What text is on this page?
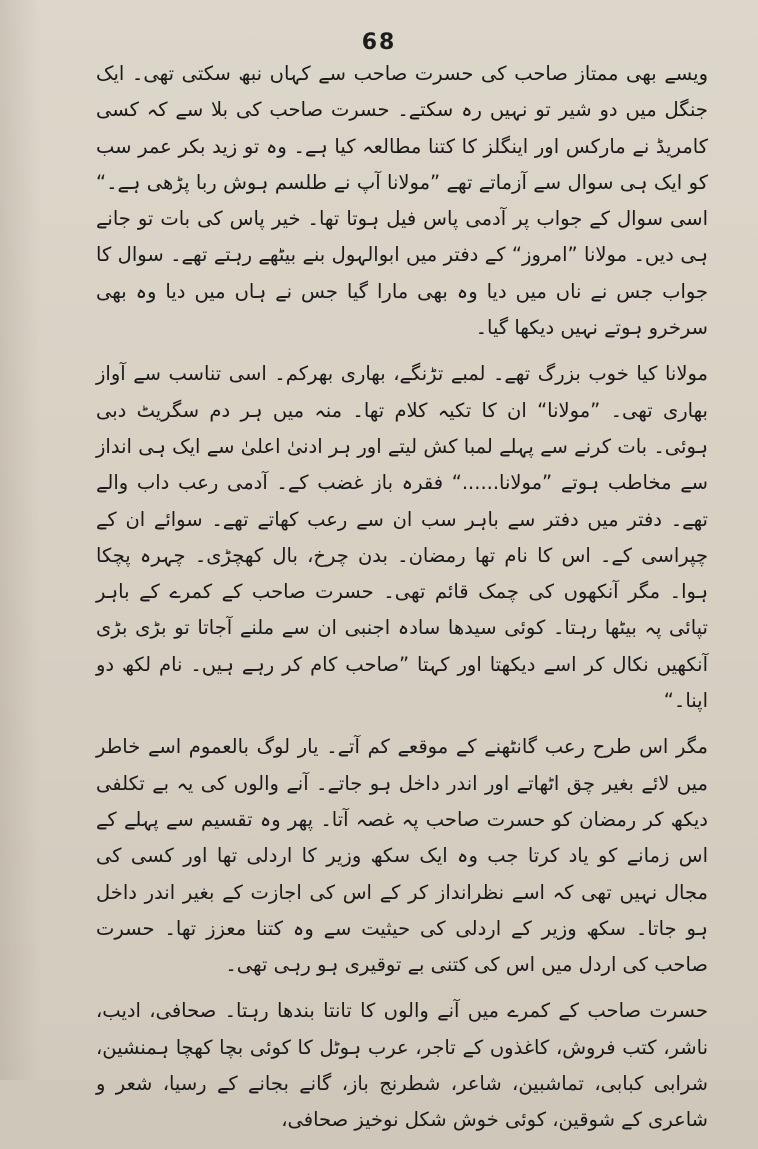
68

ویسے بھی ممتاز صاحب کی حسرت صاحب سے کہاں نبھ سکتی تھی۔ ایک جنگل میں دو شیر تو نہیں رہ سکتے۔ حسرت صاحب کی بلا سے کہ کسی کامریڈ نے مارکس اور اینگلز کا کتنا مطالعہ کیا ہے۔ وہ تو زید بکر عمر سب کو ایک ہی سوال سے آزماتے تھے ”مولانا آپ نے طلسم ہوش ربا پڑھی ہے۔“ اسی سوال کے جواب پر آدمی پاس فیل ہوتا تھا۔ خیر پاس کی بات تو جانے ہی دیں۔ مولانا ”امروز“ کے دفتر میں ابوالہول بنے بیٹھے رہتے تھے۔ سوال کا جواب جس نے ناں میں دیا وہ بھی مارا گیا جس نے ہاں میں دیا وہ بھی سرخرو ہوتے نہیں دیکھا گیا۔

مولانا کیا خوب بزرگ تھے۔ لمبے تڑنگے، بھاری بھرکم۔ اسی تناسب سے آواز بھاری تھی۔ ”مولانا“ ان کا تکیہ کلام تھا۔ منہ میں ہر دم سگریٹ دبی ہوئی۔ بات کرنے سے پہلے لمبا کش لیتے اور ہر ادنیٰ اعلیٰ سے ایک ہی انداز سے مخاطب ہوتے ”مولانا......“ فقرہ باز غضب کے۔ آدمی رعب داب والے تھے۔ دفتر میں دفتر سے باہر سب ان سے رعب کھاتے تھے۔ سوائے ان کے چپراسی کے۔ اس کا نام تھا رمضان۔ بدن چرخ، بال کھچڑی۔ چہرہ پچکا ہوا۔ مگر آنکھوں کی چمک قائم تھی۔ حسرت صاحب کے کمرے کے باہر تپائی پہ بیٹھا رہتا۔ کوئی سیدھا سادہ اجنبی ان سے ملنے آجاتا تو بڑی بڑی آنکھیں نکال کر اسے دیکھتا اور کہتا ”صاحب کام کر رہے ہیں۔ نام لکھ دو اپنا۔“

مگر اس طرح رعب گانٹھنے کے موقعے کم آتے۔ یار لوگ بالعموم اسے خاطر میں لائے بغیر چق اٹھاتے اور اندر داخل ہو جاتے۔ آنے والوں کی یہ بے تکلفی دیکھ کر رمضان کو حسرت صاحب پہ غصہ آتا۔ پھر وہ تقسیم سے پہلے کے اس زمانے کو یاد کرتا جب وہ ایک سکھ وزیر کا اردلی تھا اور کسی کی مجال نہیں تھی کہ اسے نظرانداز کر کے اس کی اجازت کے بغیر اندر داخل ہو جاتا۔ سکھ وزیر کے اردلی کی حیثیت سے وہ کتنا معزز تھا۔ حسرت صاحب کی اردل میں اس کی کتنی بے توقیری ہو رہی تھی۔

حسرت صاحب کے کمرے میں آنے والوں کا تانتا بندھا رہتا۔ صحافی، ادیب، ناشر، کتب فروش، کاغذوں کے تاجر، عرب ہوٹل کا کوئی بچا کھچا ہمنشین، شرابی کبابی، تماشبین، شاعر، شطرنج باز، گانے بجانے کے رسیا، شعر و شاعری کے شوقین، کوئی خوش شکل نوخیز صحافی،
